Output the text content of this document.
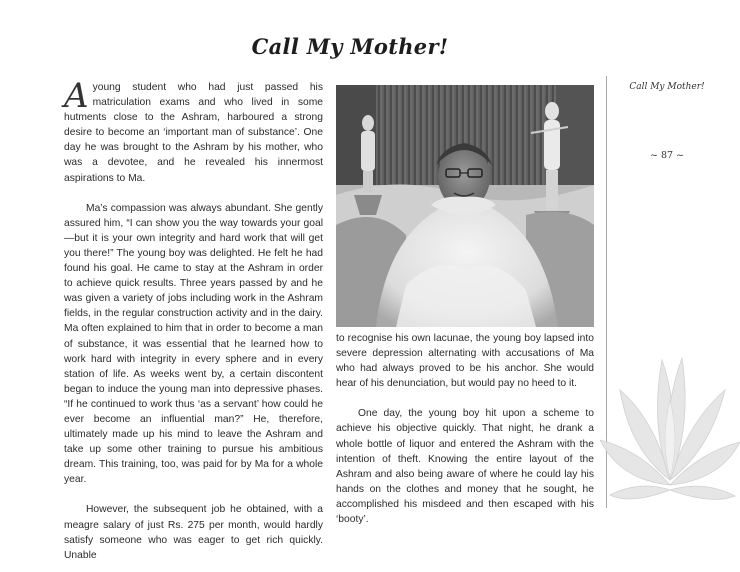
Call My Mother!

Ayoung student who had just passed his matriculation exams and who lived in some hutments close to the Ashram, harboured a strong desire to become an ‘important man of substance’. One day he was brought to the Ashram by his mother, who was a devotee, and he revealed his innermost aspirations to Ma.

Ma’s compassion was always abundant. She gently assured him, “I can show you the way towards your goal—but it is your own integrity and hard work that will get you there!” The young boy was delighted. He felt he had found his goal. He came to stay at the Ashram in order to achieve quick results. Three years passed by and he was given a variety of jobs including work in the Ashram fields, in the regular construction activity and in the dairy. Ma often explained to him that in order to become a man of substance, it was essential that he learned how to work hard with integrity in every sphere and in every station of life. As weeks went by, a certain discontent began to induce the young man into depressive phases. “If he continued to work thus ‘as a servant’ how could he ever become an influential man?” He, therefore, ultimately made up his mind to leave the Ashram and take up some other training to pursue his ambitious dream. This training, too, was paid for by Ma for a whole year.

However, the subsequent job he obtained, with a meagre salary of just Rs. 275 per month, would hardly satisfy someone who was eager to get rich quickly. Unable

to recognise his own lacunae, the young boy lapsed into severe depression alternating with accusations of Ma who had always proved to be his anchor. She would hear of his denunciation, but would pay no heed to it.

One day, the young boy hit upon a scheme to achieve his objective quickly. That night, he drank a whole bottle of liquor and entered the Ashram with the intention of theft. Knowing the entire layout of the Ashram and also being aware of where he could lay his hands on the clothes and money that he sought, he accomplished his misdeed and then escaped with his ‘booty’.

Call My Mother!
~ 87 ~
